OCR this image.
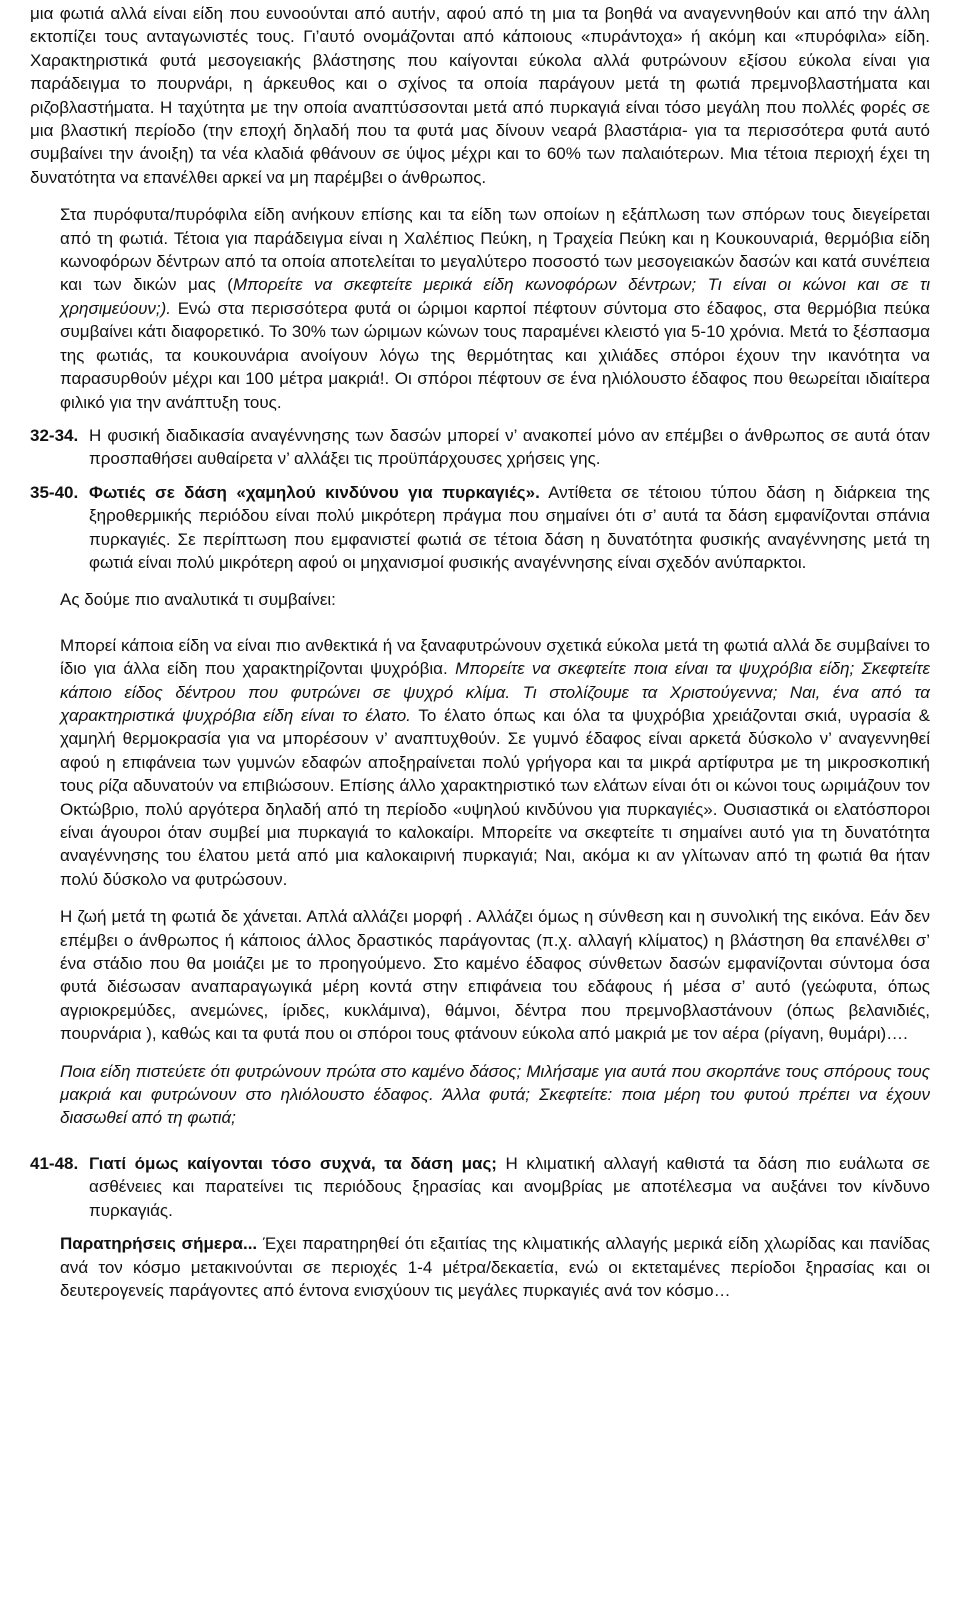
μια φωτιά αλλά είναι είδη που ευνοούνται από αυτήν, αφού από τη μια τα βοηθά να αναγεννηθούν και από την άλλη εκτοπίζει τους ανταγωνιστές τους. Γι’αυτό ονομάζονται από κάποιους «πυράντοχα» ή ακόμη και «πυρόφιλα» είδη. Χαρακτηριστικά φυτά μεσογειακής βλάστησης που καίγονται εύκολα αλλά φυτρώνουν εξίσου εύκολα είναι για παράδειγμα το πουρνάρι, η άρκευθος και ο σχίνος τα οποία παράγουν μετά τη φωτιά πρεμνοβλαστήματα και ριζοβλαστήματα. Η ταχύτητα με την οποία αναπτύσσονται μετά από πυρκαγιά είναι τόσο μεγάλη που πολλές φορές σε μια βλαστική περίοδο (την εποχή δηλαδή που τα φυτά μας δίνουν νεαρά βλαστάρια- για τα περισσότερα φυτά αυτό συμβαίνει την άνοιξη) τα νέα κλαδιά φθάνουν σε ύψος μέχρι και το 60% των παλαιότερων. Μια τέτοια περιοχή έχει τη δυνατότητα να επανέλθει αρκεί να μη παρέμβει ο άνθρωπος.

Στα πυρόφυτα/πυρόφιλα είδη ανήκουν επίσης και τα είδη των οποίων η εξάπλωση των σπόρων τους διεγείρεται από τη φωτιά. Τέτοια για παράδειγμα είναι η Χαλέπιος Πεύκη, η Τραχεία Πεύκη και η Κουκουναριά, θερμόβια είδη κωνοφόρων δέντρων από τα οποία αποτελείται το μεγαλύτερο ποσοστό των μεσογειακών δασών και κατά συνέπεια και των δικών μας (Μπορείτε να σκεφτείτε μερικά είδη κωνοφόρων δέντρων; Τι είναι οι κώνοι και σε τι χρησιμεύουν;). Ενώ στα περισσότερα φυτά οι ώριμοι καρποί πέφτουν σύντομα στο έδαφος, στα θερμόβια πεύκα συμβαίνει κάτι διαφορετικό. Το 30% των ώριμων κώνων τους παραμένει κλειστό για 5-10 χρόνια. Μετά το ξέσπασμα της φωτιάς, τα κουκουνάρια ανοίγουν λόγω της θερμότητας και χιλιάδες σπόροι έχουν την ικανότητα να παρασυρθούν μέχρι και 100 μέτρα μακριά!. Οι σπόροι πέφτουν σε ένα ηλιόλουστο έδαφος που θεωρείται ιδιαίτερα φιλικό για την ανάπτυξη τους.

32-34. Η φυσική διαδικασία αναγέννησης των δασών μπορεί ν’ ανακοπεί μόνο αν επέμβει ο άνθρωπος σε αυτά όταν προσπαθήσει αυθαίρετα ν’ αλλάξει τις προϋπάρχουσες χρήσεις γης.

35-40. Φωτιές σε δάση «χαμηλού κινδύνου για πυρκαγιές». Αντίθετα σε τέτοιου τύπου δάση η διάρκεια της ξηροθερμικής περιόδου είναι πολύ μικρότερη πράγμα που σημαίνει ότι σ’ αυτά τα δάση εμφανίζονται σπάνια πυρκαγιές. Σε περίπτωση που εμφανιστεί φωτιά σε τέτοια δάση η δυνατότητα φυσικής αναγέννησης μετά τη φωτιά είναι πολύ μικρότερη αφού οι μηχανισμοί φυσικής αναγέννησης είναι σχεδόν ανύπαρκτοι.

Ας δούμε πιο αναλυτικά τι συμβαίνει:

Μπορεί κάποια είδη να είναι πιο ανθεκτικά ή να ξαναφυτρώνουν σχετικά εύκολα μετά τη φωτιά αλλά δε συμβαίνει το ίδιο για άλλα είδη που χαρακτηρίζονται ψυχρόβια. Μπορείτε να σκεφτείτε ποια είναι τα ψυχρόβια είδη; Σκεφτείτε κάποιο είδος δέντρου που φυτρώνει σε ψυχρό κλίμα. Τι στολίζουμε τα Χριστούγεννα; Ναι, ένα από τα χαρακτηριστικά ψυχρόβια είδη είναι το έλατο. Το έλατο όπως και όλα τα ψυχρόβια χρειάζονται σκιά, υγρασία & χαμηλή θερμοκρασία για να μπορέσουν ν’ αναπτυχθούν. Σε γυμνό έδαφος είναι αρκετά δύσκολο ν’ αναγεννηθεί αφού η επιφάνεια των γυμνών εδαφών αποξηραίνεται πολύ γρήγορα και τα μικρά αρτίφυτρα με τη μικροσκοπική τους ρίζα αδυνατούν να επιβιώσουν. Επίσης άλλο χαρακτηριστικό των ελάτων είναι ότι οι κώνοι τους ωριμάζουν τον Οκτώβριο, πολύ αργότερα δηλαδή από τη περίοδο «υψηλού κινδύνου για πυρκαγιές». Ουσιαστικά οι ελατόσποροι είναι άγουροι όταν συμβεί μια πυρκαγιά το καλοκαίρι. Μπορείτε να σκεφτείτε τι σημαίνει αυτό για τη δυνατότητα αναγέννησης του έλατου μετά από μια καλοκαιρινή πυρκαγιά; Ναι, ακόμα κι αν γλίτωναν από τη φωτιά θα ήταν πολύ δύσκολο να φυτρώσουν.

Η ζωή μετά τη φωτιά δε χάνεται. Απλά αλλάζει μορφή . Αλλάζει όμως η σύνθεση και η συνολική της εικόνα. Εάν δεν επέμβει ο άνθρωπος ή κάποιος άλλος δραστικός παράγοντας (π.χ. αλλαγή κλίματος) η βλάστηση θα επανέλθει σ’ ένα στάδιο που θα μοιάζει με το προηγούμενο. Στο καμένο έδαφος σύνθετων δασών εμφανίζονται σύντομα όσα φυτά διέσωσαν αναπαραγωγικά μέρη κοντά στην επιφάνεια του εδάφους ή μέσα σ’ αυτό (γεώφυτα, όπως αγριοκρεμύδες, ανεμώνες, ίριδες, κυκλάμινα), θάμνοι, δέντρα που πρεμνοβλαστάνουν (όπως βελανιδιές, πουρνάρια ), καθώς και τα φυτά που οι σπόροι τους φτάνουν εύκολα από μακριά με τον αέρα (ρίγανη, θυμάρι)….

Ποια είδη πιστεύετε ότι φυτρώνουν πρώτα στο καμένο δάσος; Μιλήσαμε για αυτά που σκορπάνε τους σπόρους τους μακριά και φυτρώνουν στο ηλιόλουστο έδαφος. Άλλα φυτά; Σκεφτείτε: ποια μέρη του φυτού πρέπει να έχουν διασωθεί από τη φωτιά;

41-48. Γιατί όμως καίγονται τόσο συχνά, τα δάση μας; Η κλιματική αλλαγή καθιστά τα δάση πιο ευάλωτα σε ασθένειες και παρατείνει τις περιόδους ξηρασίας και ανομβρίας με αποτέλεσμα να αυξάνει τον κίνδυνο πυρκαγιάς.

Παρατηρήσεις σήμερα... Έχει παρατηρηθεί ότι εξαιτίας της κλιματικής αλλαγής μερικά είδη χλωρίδας και πανίδας ανά τον κόσμο μετακινούνται σε περιοχές 1-4 μέτρα/δεκαετία, ενώ οι εκτεταμένες περίοδοι ξηρασίας και οι δευτερογενείς παράγοντες από έντονα ενισχύουν τις μεγάλες πυρκαγιές ανά τον κόσμο…
